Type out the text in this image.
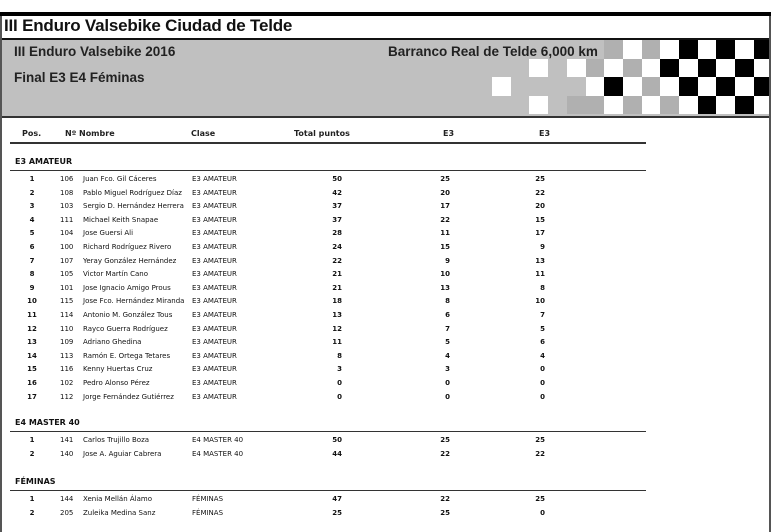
III Enduro Valsebike Ciudad de Telde
III Enduro Valsebike 2016
Final E3 E4 Féminas
Barranco Real de Telde 6,000 km
Pos.	Nº Nombre	Clase	Total puntos	E3	E3
E3 AMATEUR
1	106 Juan Fco. Gil Cáceres	E3 AMATEUR	50	25	25
2	108 Pablo Miguel Rodríguez Díaz E3 AMATEUR	42	20	22
3	103 Sergio D. Hernández Herrera E3 AMATEUR	37	17	20
4	111 Michael Keith Snapae	E3 AMATEUR	37	22	15
5	104 Jose Guersi Ali	E3 AMATEUR	28	11	17
6	100 Richard Rodríguez Rivero	E3 AMATEUR	24	15	9
7	107 Yeray González Hernández E3 AMATEUR	22	9	13
8	105 Victor Martín Cano	E3 AMATEUR	21	10	11
9	101 Jose Ignacio Amigo Prous	E3 AMATEUR	21	13	8
10	115 Jose Fco. Hernández Miranda E3 AMATEUR	18	8	10
11	114 Antonio M. González Tous	E3 AMATEUR	13	6	7
12	110 Rayco Guerra Rodríguez	E3 AMATEUR	12	7	5
13	109 Adriano Ghedina	E3 AMATEUR	11	5	6
14	113 Ramón E. Ortega Tetares	E3 AMATEUR	8	4	4
15	116 Kenny Huertas Cruz	E3 AMATEUR	3	3	0
16	102 Pedro Alonso Pérez	E3 AMATEUR	0	0	0
17	112 Jorge Fernández Gutiérrez	E3 AMATEUR	0	0	0
E4 MASTER 40
1	141 Carlos Trujillo Boza	E4 MASTER 40	50	25	25
2	140 Jose A. Aguiar Cabrera	E4 MASTER 40	44	22	22
FÉMINAS
1	144 Xenia Mellán Álamo	FÉMINAS	47	22	25
2	205 Zuleika Medina Sanz	FÉMINAS	25	25	0
